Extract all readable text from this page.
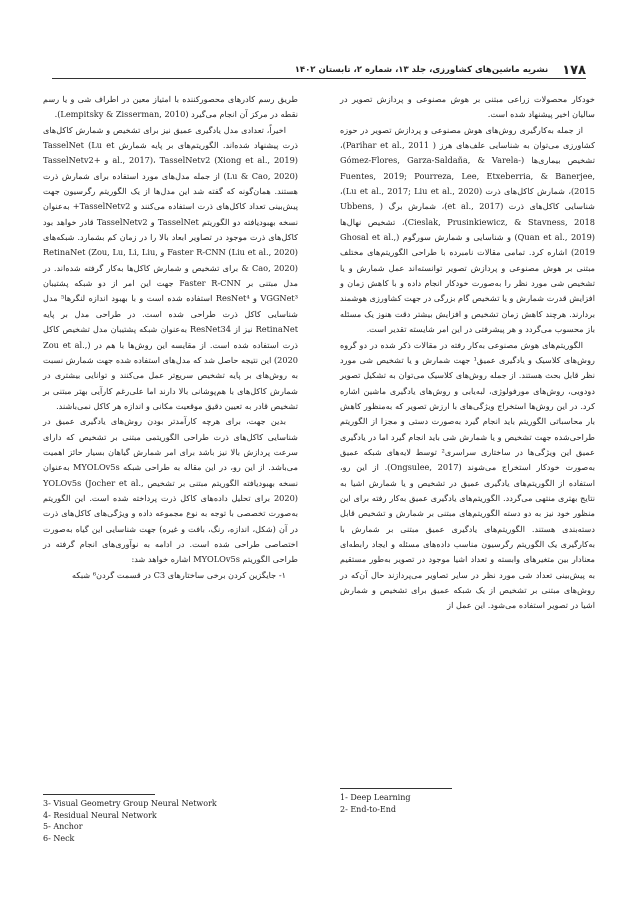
۱۷۸
نشریه ماشین‌های کشاورزی، جلد ۱۳، شماره ۲، تابستان ۱۴۰۲

خودکار محصولات زراعی مبتنی بر هوش مصنوعی و پردازش تصویر در سالیان اخیر پیشنهاد شده است.

از جمله به‌کارگیری روش‌های هوش مصنوعی و پردازش تصویر در حوزه کشاورزی می‌توان به شناسایی علف‌های هرز ( Parihar et al., 2011)، تشخیص بیماری‌ها (Gómez-Flores, Garza-Saldaña, & Varela-Fuentes, 2019; Pourreza, Lee, Etxeberria, & Banerjee, 2015)، شمارش کاکل‌های ذرت (Lu et al., 2017; Liu et al., 2020)، شناسایی کاکل‌های ذرت (et al., 2017)، شمارش برگ ( Ubbens, Cieslak, Prusinkiewicz, & Stavness, 2018)، تشخیص نهال‌ها (Quan et al., 2019) و شناسایی و شمارش سورگوم (Ghosal et al., 2019) اشاره کرد. تمامی مقالات نامبرده با طراحی الگوریتم‌های مختلف مبتنی بر هوش مصنوعی و پردازش تصویر توانسته‌اند عمل شمارش و یا تشخیص شی مورد نظر را به‌صورت خودکار انجام داده و با کاهش زمان و افزایش قدرت شمارش و یا تشخیص گام بزرگی در جهت کشاورزی هوشمند بردارند. هرچند کاهش زمان تشخیص و افزایش بیشتر دقت هنوز یک مسئله باز محسوب می‌گردد و هر پیشرفتی در این امر شایسته تقدیر است.

الگوریتم‌های هوش مصنوعی به‌کار رفته در مقالات ذکر شده در دو گروه روش‌های کلاسیک و یادگیری عمیق¹ جهت شمارش و یا تشخیص شی مورد نظر قابل بحث هستند. از جمله روش‌های کلاسیک می‌توان به تشکیل تصویر دودویی، روش‌های مورفولوژی، لبه‌یابی و روش‌های یادگیری ماشین اشاره کرد. در این روش‌ها استخراج ویژگی‌های با ارزش تصویر که به‌منظور کاهش بار محاسباتی الگوریتم باید انجام گیرد به‌صورت دستی و مجزا از الگوریتم طراحی‌شده جهت تشخیص و یا شمارش شی باید انجام گیرد اما در یادگیری عمیق این ویژگی‌ها در ساختاری سراسری² توسط لایه‌های شبکه عمیق به‌صورت خودکار استخراج می‌شوند (Ongsulee, 2017). از این رو، استفاده از الگوریتم‌های یادگیری عمیق در تشخیص و یا شمارش اشیا به نتایج بهتری منتهی می‌گردد. الگوریتم‌های یادگیری عمیق به‌کار رفته برای این منظور خود نیز به دو دسته الگوریتم‌های مبتنی بر شمارش و تشخیص قابل دسته‌بندی هستند. الگوریتم‌های یادگیری عمیق مبتنی بر شمارش با به‌کارگیری یک الگوریتم رگرسیون مناسب داده‌های مسئله و ایجاد رابطه‌ای معنادار بین متغیرهای وابسته و تعداد اشیا موجود در تصویر به‌طور مستقیم به پیش‌بینی تعداد شی مورد نظر در سایر تصاویر می‌پردازند حال آن‌که در روش‌های مبتنی بر تشخیص از یک شبکه عمیق برای تشخیص و شمارش اشیا در تصویر استفاده می‌شود. این عمل از

طریق رسم کادرهای محصورکننده با امتیاز معین در اطراف شی و یا رسم نقطه در مرکز آن انجام می‌گیرد (Lempitsky & Zisserman, 2010).

اخیراً، تعدادی مدل یادگیری عمیق نیز برای تشخیص و شمارش کاکل‌های ذرت پیشنهاد شده‌اند. الگوریتم‌های بر پایه شمارش TasselNet (Lu et al., 2017)، TasselNetv2 (Xiong et al., 2019) و TasselNetv2+ (Lu & Cao, 2020) از جمله مدل‌های مورد استفاده برای شمارش ذرت هستند. همان‌گونه که گفته شد این مدل‌ها از یک الگوریتم رگرسیون جهت پیش‌بینی تعداد کاکل‌های ذرت استفاده می‌کنند و TasselNetv2+ به‌عنوان نسخه بهبودیافته دو الگوریتم TasselNet و TasselNetv2 قادر خواهد بود کاکل‌های ذرت موجود در تصاویر ابعاد بالا را در زمان کم بشمارد. شبکه‌های Faster R-CNN (Liu et al., 2020) و RetinaNet (Zou, Lu, Li, Liu, & Cao, 2020) برای تشخیص و شمارش کاکل‌ها به‌کار گرفته شده‌اند. در مدل مبتنی بر Faster R-CNN جهت این امر از دو شبکه پشتیبان VGGNet³ و ResNet⁴ استفاده شده است و با بهبود اندازه لنگرها⁵ مدل شناسایی کاکل ذرت طراحی شده است. در طراحی مدل بر پایه RetinaNet نیز از ResNet34 به‌عنوان شبکه پشتیبان مدل تشخیص کاکل ذرت استفاده شده است. از مقایسه این روش‌ها با هم در (Zou et al., 2020) این نتیجه حاصل شد که مدل‌های استفاده شده جهت شمارش نسبت به روش‌های بر پایه تشخیص سریع‌تر عمل می‌کنند و توانایی بیشتری در شمارش کاکل‌های با هم‌پوشانی بالا دارند اما علی‌رغم کارآیی بهتر مبتنی بر تشخیص قادر به تعیین دقیق موقعیت مکانی و اندازه هر کاکل نمی‌باشند.

بدین جهت، برای هرچه کارآمدتر بودن روش‌های یادگیری عمیق در شناسایی کاکل‌های ذرت طراحی الگوریتمی مبتنی بر تشخیص که دارای سرعت پردازش بالا نیز باشد برای امر شمارش گیاهان بسیار حائز اهمیت می‌باشد. از این رو، در این مقاله به طراحی شبکه MYOLOv5s به‌عنوان نسخه بهبودیافته الگوریتم مبتنی بر تشخیص YOLOv5s (Jocher et al., 2020) برای تحلیل داده‌های کاکل ذرت پرداخته شده است. این الگوریتم به‌صورت تخصصی با توجه به نوع مجموعه داده و ویژگی‌های کاکل‌های ذرت در آن (شکل، اندازه، رنگ، بافت و غیره) جهت شناسایی این گیاه به‌صورت اختصاصی طراحی شده است. در ادامه به نوآوری‌های انجام گرفته در طراحی الگوریتم MYOLOv5s اشاره خواهد شد:

۱- جایگزین کردن برخی ساختارهای C3 در قسمت گردن⁶ شبکه

1- Deep Learning
2- End-to-End
3- Visual Geometry Group Neural Network
4- Residual Neural Network
5- Anchor
6- Neck
